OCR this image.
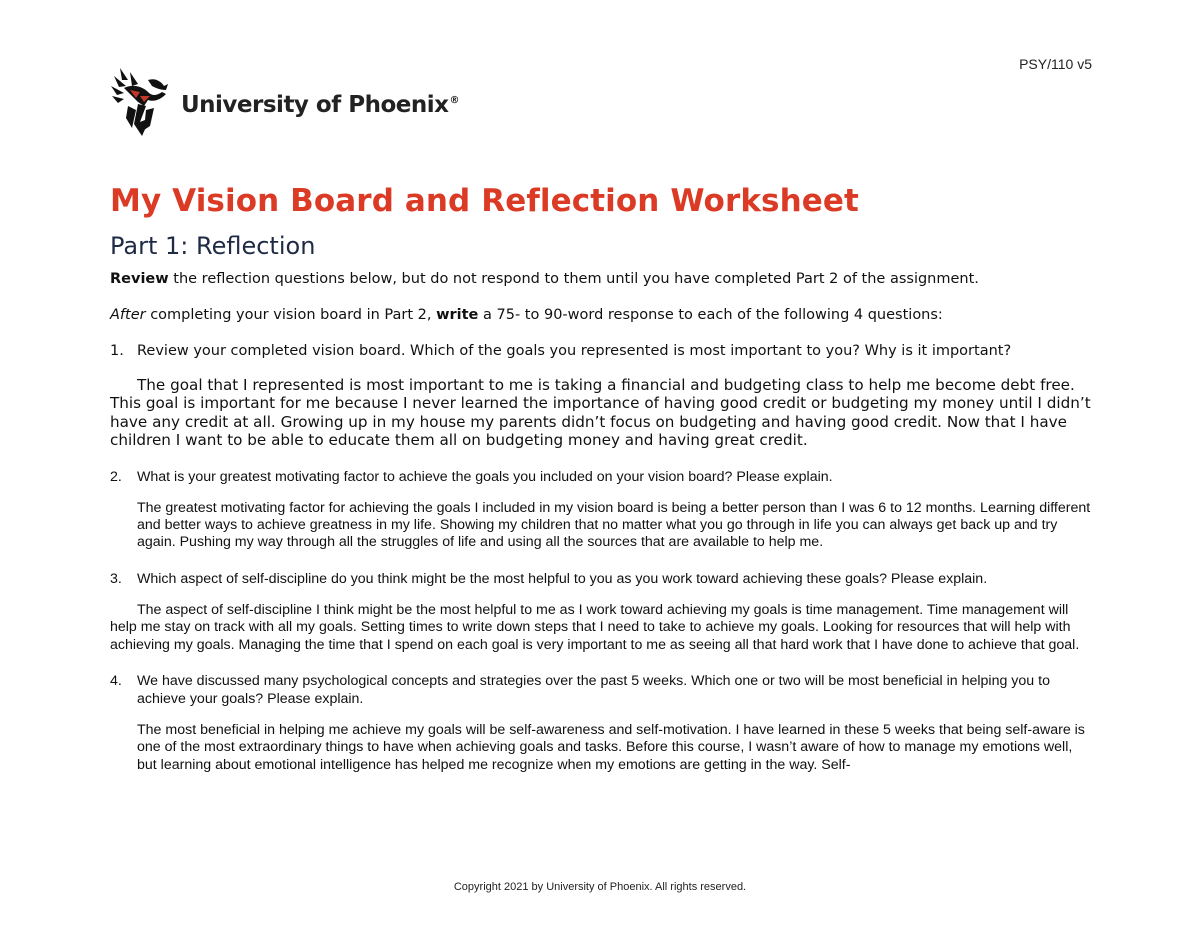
PSY/110 v5
University of Phoenix®
My Vision Board and Reflection Worksheet
Part 1: Reflection

Review the reflection questions below, but do not respond to them until you have completed Part 2 of the assignment.

After completing your vision board in Part 2, write a 75- to 90-word response to each of the following 4 questions:

1. Review your completed vision board. Which of the goals you represented is most important to you? Why is it important?

The goal that I represented is most important to me is taking a financial and budgeting class to help me become debt free. This goal is important for me because I never learned the importance of having good credit or budgeting my money until I didn’t have any credit at all. Growing up in my house my parents didn’t focus on budgeting and having good credit. Now that I have children I want to be able to educate them all on budgeting money and having great credit.

2.	What is your greatest motivating factor to achieve the goals you included on your vision board? Please explain.

The greatest motivating factor for achieving the goals I included in my vision board is being a better person than I was 6 to 12 months. Learning different and better ways to achieve greatness in my life. Showing my children that no matter what you go through in life you can always get back up and try again. Pushing my way through all the struggles of life and using all the sources that are available to help me.

3.	Which aspect of self-discipline do you think might be the most helpful to you as you work toward achieving these goals? Please explain.

The aspect of self-discipline I think might be the most helpful to me as I work toward achieving my goals is time management. Time management will help me stay on track with all my goals. Setting times to write down steps that I need to take to achieve my goals. Looking for resources that will help with achieving my goals. Managing the time that I spend on each goal is very important to me as seeing all that hard work that I have done to achieve that goal.

4.	We have discussed many psychological concepts and strategies over the past 5 weeks. Which one or two will be most beneficial in helping you to achieve your goals? Please explain.

The most beneficial in helping me achieve my goals will be self-awareness and self-motivation. I have learned in these 5 weeks that being self-aware is one of the most extraordinary things to have when achieving goals and tasks. Before this course, I wasn’t aware of how to manage my emotions well, but learning about emotional intelligence has helped me recognize when my emotions are getting in the way. Self-

Copyright 2021 by University of Phoenix. All rights reserved.
